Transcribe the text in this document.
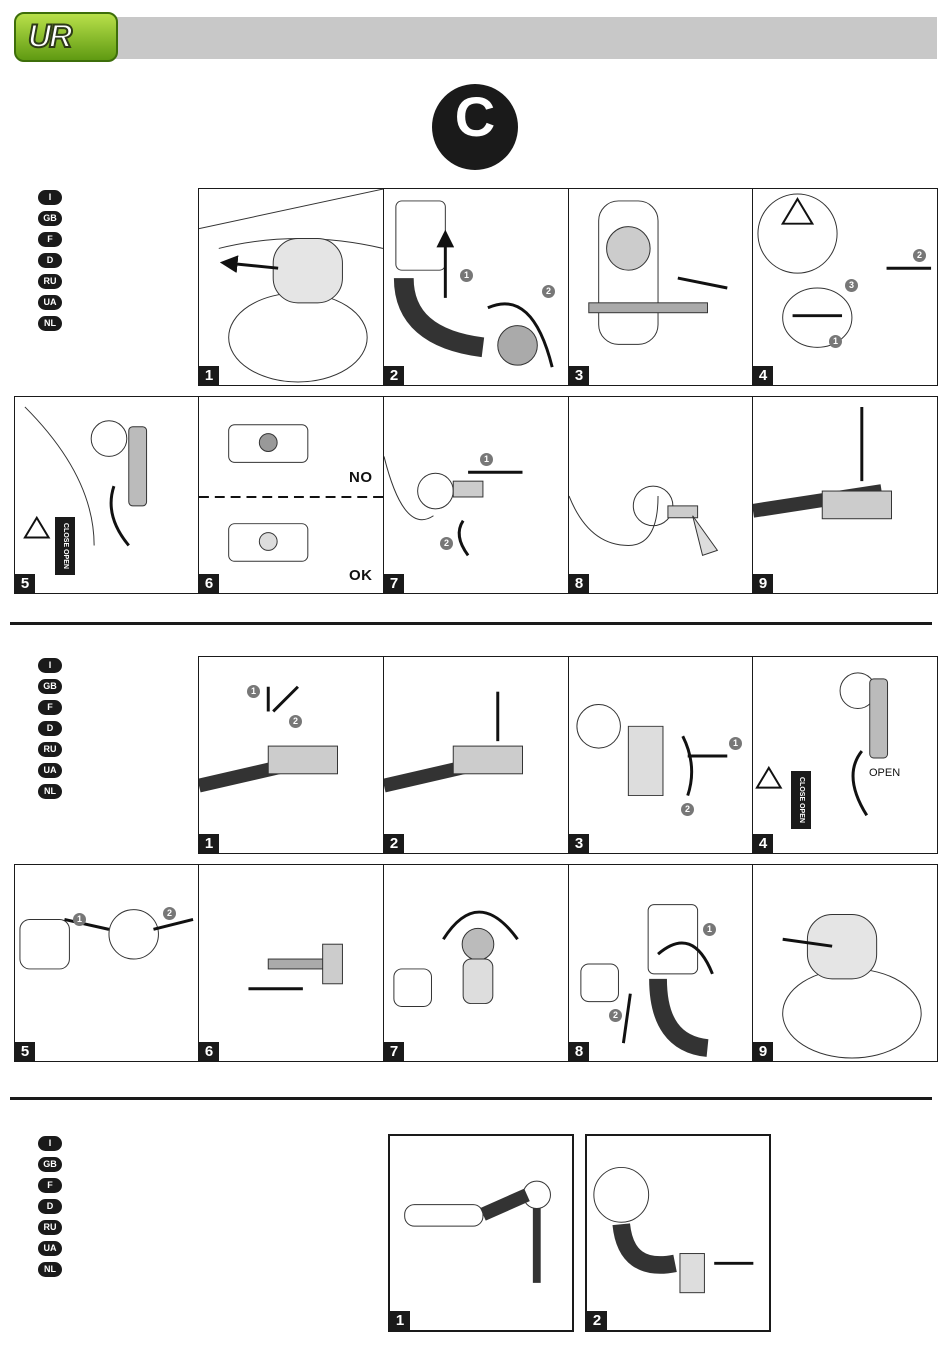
UR
C
I
GB
F
D
RU
UA
NL
I
GB
F
D
RU
UA
NL
I
GB
F
D
RU
UA
NL
1
1
2
2	3
2
3
1
4
CLOSE OPEN
5
NO
OK
6
1
2
7	8	9
1
2
1	2
1
2
3
CLOSE OPEN
OPEN
4
1
2
5	6	7
1
2
8	9
1	2
